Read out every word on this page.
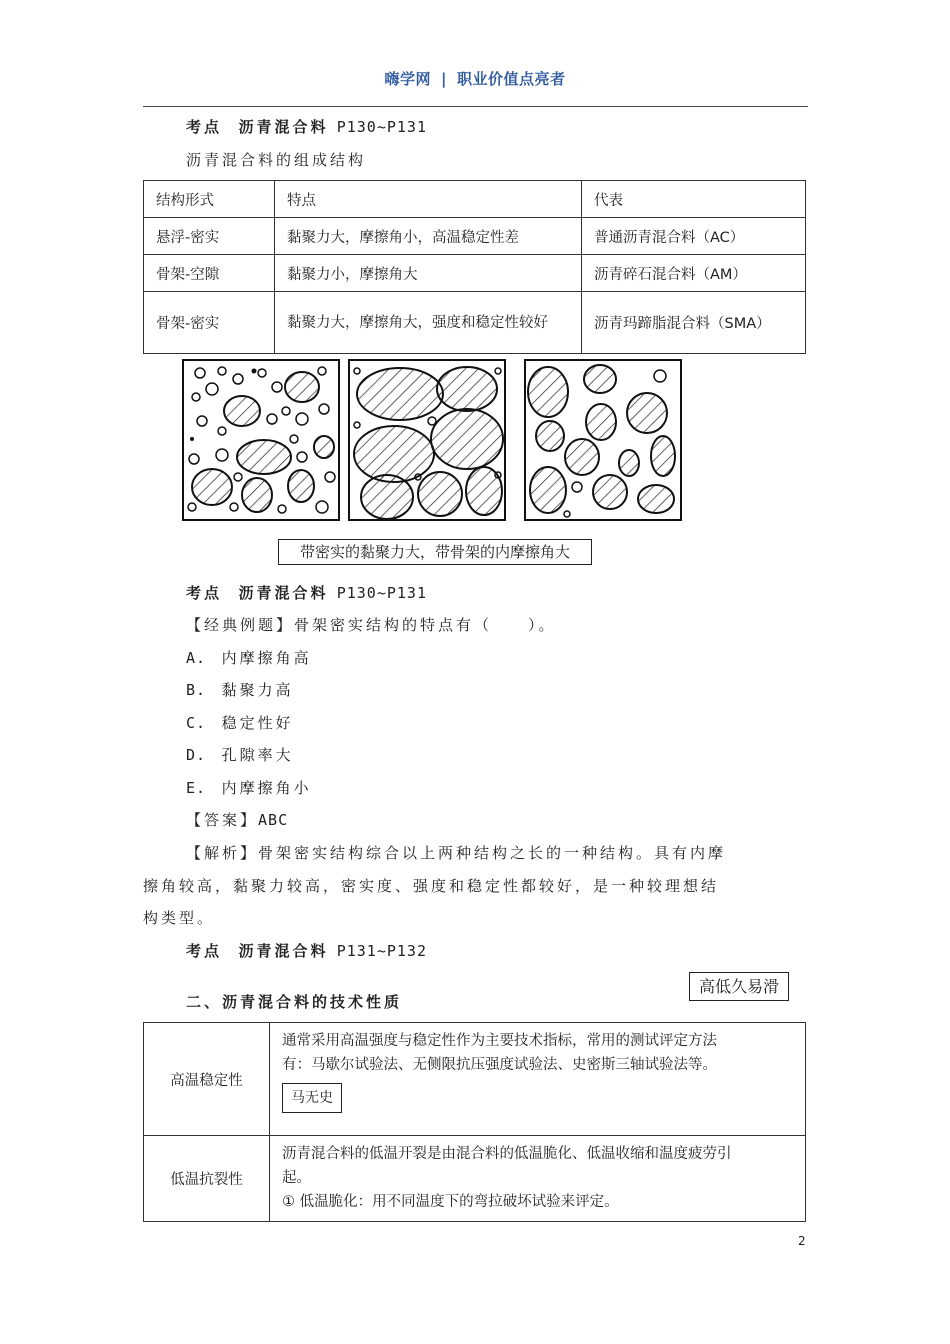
嗨学网 | 职业价值点亮者
考点 沥青混合料 P130~P131
沥青混合料的组成结构
结构形式	特点	代表
悬浮-密实	黏聚力大，摩擦角小，高温稳定性差	普通沥青混合料（AC）
骨架-空隙	黏聚力小，摩擦角大	沥青碎石混合料（AM）
骨架-密实	黏聚力大，摩擦角大，强度和稳定性较好	沥青玛蹄脂混合料（SMA）
带密实的黏聚力大，带骨架的内摩擦角大
考点 沥青混合料 P130~P131
【经典例题】骨架密实结构的特点有（　　）。
A. 内摩擦角高
B. 黏聚力高
C. 稳定性好
D. 孔隙率大
E. 内摩擦角小
【答案】ABC
【解析】骨架密实结构综合以上两种结构之长的一种结构。具有内摩
擦角较高，黏聚力较高，密实度、强度和稳定性都较好，是一种较理想结
构类型。
考点 沥青混合料 P131~P132
高低久易滑
二、沥青混合料的技术性质
高温稳定性	通常采用高温强度与稳定性作为主要技术指标，常用的测试评定方法
有：马歇尔试验法、无侧限抗压强度试验法、史密斯三轴试验法等。
马无史
低温抗裂性	沥青混合料的低温开裂是由混合料的低温脆化、低温收缩和温度疲劳引
起。
① 低温脆化：用不同温度下的弯拉破坏试验来评定。
2
